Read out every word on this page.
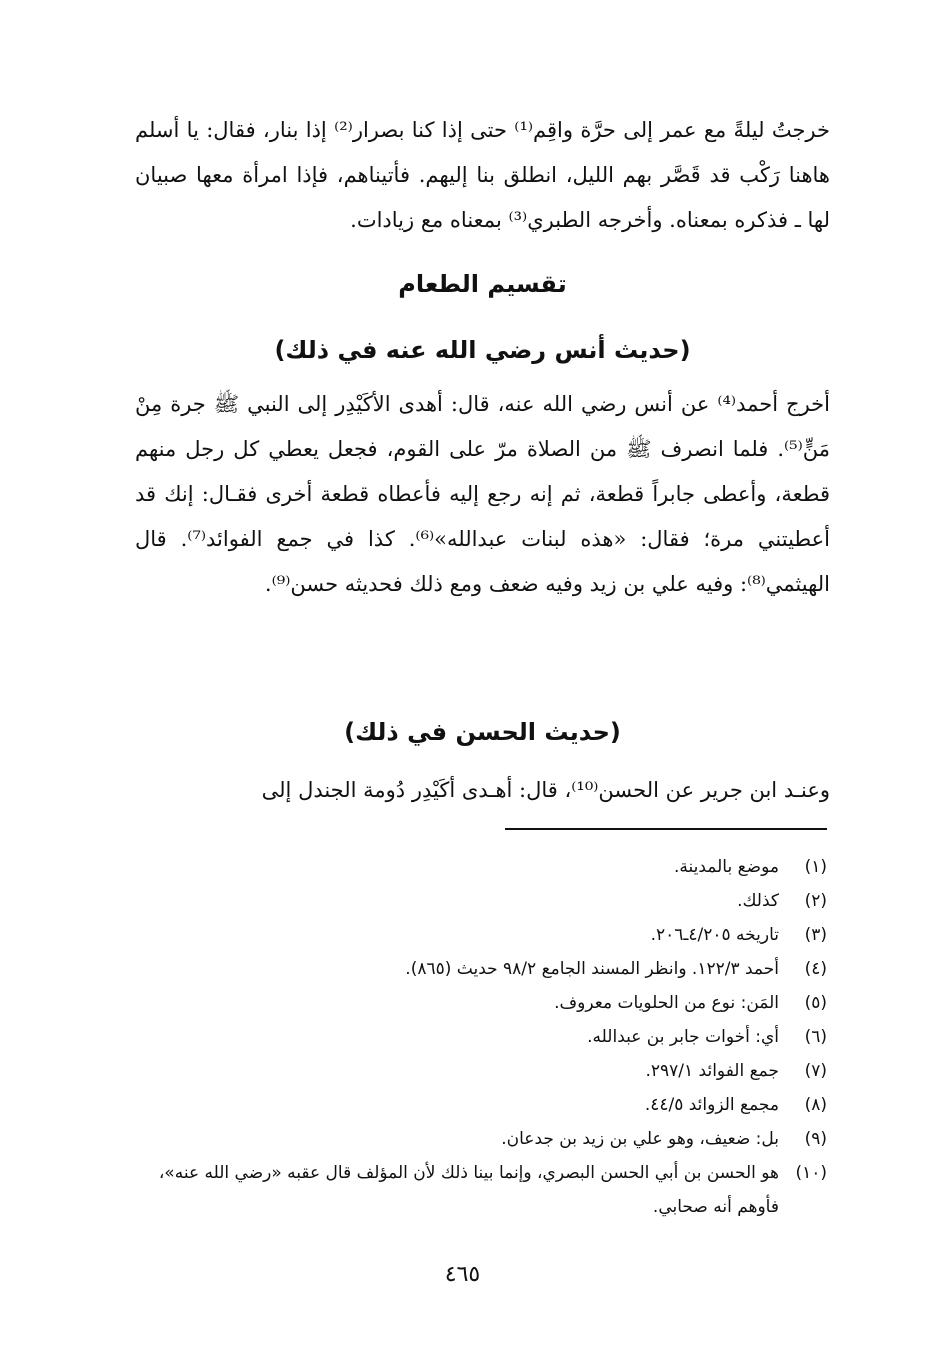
خرجتُ ليلةً مع عمر إلى حرَّة واقِم⁽¹⁾ حتى إذا كنا بصرار⁽²⁾ إذا بنار، فقال: يا أسلم هاهنا رَكْب قد قَصَّر بهم الليل، انطلق بنا إليهم. فأتيناهم، فإذا امرأة معها صبيان لها ـ فذكره بمعناه. وأخرجه الطبري⁽³⁾ بمعناه مع زيادات.

تقسيم الطعام
(حديث أنس رضي الله عنه في ذلك)

أخرج أحمد⁽⁴⁾ عن أنس رضي الله عنه، قال: أهدى الأكَيْدِر إلى النبي ﷺ جرة مِنْ مَنٍّ⁽⁵⁾. فلما انصرف ﷺ من الصلاة مرّ على القوم، فجعل يعطي كل رجل منهم قطعة، وأعطى جابراً قطعة، ثم إنه رجع إليه فأعطاه قطعة أخرى فقـال: إنك قد أعطيتني مرة؛ فقال: «هذه لبنات عبدالله»⁽⁶⁾. كذا في جمع الفوائد⁽⁷⁾. قال الهيثمي⁽⁸⁾: وفيه علي بن زيد وفيه ضعف ومع ذلك فحديثه حسن⁽⁹⁾.

(حديث الحسن في ذلك)

وعنـد ابن جرير عن الحسن⁽¹⁰⁾، قال: أهـدى أكَيْدِر دُومة الجندل إلى

(١)
موضع بالمدينة.
(٢)
كذلك.
(٣)
تاريخه ٤/٢٠٥ـ٢٠٦.
(٤)
أحمد ١٢٢/٣. وانظر المسند الجامع ٩٨/٢ حديث (٨٦٥).
(٥)
المَن: نوع من الحلويات معروف.
(٦)
أي: أخوات جابر بن عبدالله.
(٧)
جمع الفوائد ٢٩٧/١.
(٨)
مجمع الزوائد ٤٤/٥.
(٩)
بل: ضعيف، وهو علي بن زيد بن جدعان.
(١٠)
هو الحسن بن أبي الحسن البصري، وإنما بينا ذلك لأن المؤلف قال عقبه «رضي الله عنه»، فأوهم أنه صحابي.
٤٦٥
